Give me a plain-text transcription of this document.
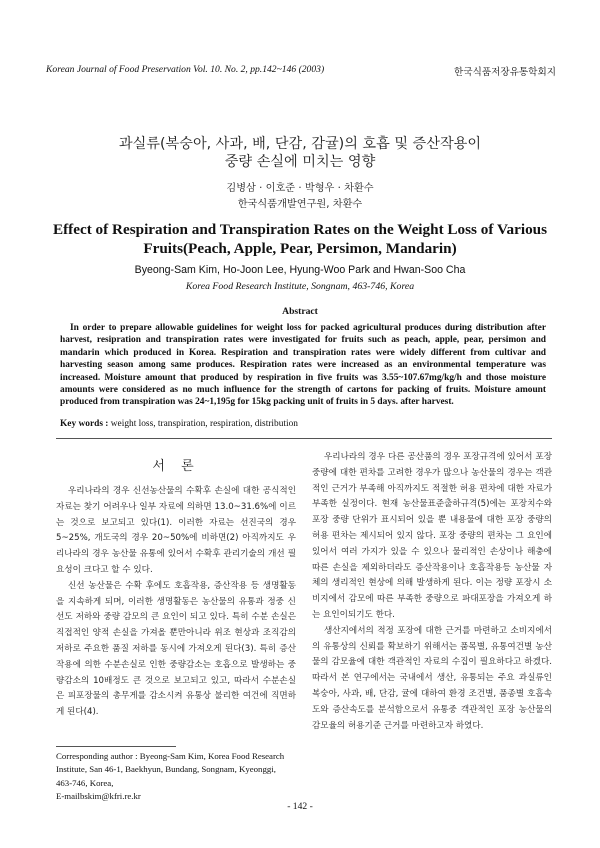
Korean Journal of Food Preservation Vol. 10. No. 2, pp.142~146 (2003)	한국식품저장유통학회지
과실류(복숭아, 사과, 배, 단감, 감귤)의 호흡 및 증산작용이
중량 손실에 미치는 영향
김병삼 · 이호준 · 박형우 · 차환수
한국식품개발연구원, 차환수
Effect of Respiration and Transpiration Rates on the Weight Loss of Various
Fruits(Peach, Apple, Pear, Persimon, Mandarin)
Byeong-Sam Kim, Ho-Joon Lee, Hyung-Woo Park and Hwan-Soo Cha
Korea Food Research Institute, Songnam, 463-746, Korea
Abstract
In order to prepare allowable guidelines for weight loss for packed agricultural produces during distribution after harvest, resipration and transpiration rates were investigated for fruits such as peach, apple, pear, persimon and mandarin which produced in Korea. Respiration and transpiration rates were widely different from cultivar and harvesting season among same produces. Respiration rates were increased as an environmental temperature was increased. Moisture amount that produced by respiration in five fruits was 3.55~107.67mg/kg/h and those moisture amounts were considered as no much influence for the strength of cartons for packing of fruits. Moisture amount produced from transpiration was 24~1,195g for 15kg packing unit of fruits in 5 days. after harvest.
Key words : weight loss, transpiration, respiration, distribution
서 론

우리나라의 경우 신선농산물의 수확후 손실에 대한 공식적인 자료는 찾기 어려우나 일부 자료에 의하면 13.0~31.6%에 이르는 것으로 보고되고 있다(1). 이러한 자료는 선진국의 경우 5~25%, 개도국의 경우 20~50%에 비하면(2) 아직까지도 우리나라의 경우 농산물 유통에 있어서 수확후 관리기술의 개선 필요성이 크다고 할 수 있다.

신선 농산물은 수확 후에도 호흡작용, 증산작용 등 생명활동을 지속하게 되며, 이러한 생명활동은 농산물의 유통과 정중 신선도 저하와 중량 감모의 큰 요인이 되고 있다. 특히 수분 손실은 직접적인 양적 손실을 가져올 뿐만아니라 위조 현상과 조직감의 저하로 주요한 품질 저하를 동시에 가져오게 된다(3). 특히 증산작용에 의한 수분손실로 인한 중량감소는 호흡으로 발생하는 중량감소의 10배정도 큰 것으로 보고되고 있고, 따라서 수분손실은 피포장물의 총무게를 감소시켜 유통상 불리한 여건에 직면하게 된다(4).

우리나라의 경우 다른 공산품의 경우 포장규격에 있어서 포장 중량에 대한 편차를 고려한 경우가 많으나 농산물의 경우는 객관적인 근거가 부족해 아직까지도 적절한 허용 편차에 대한 자료가 부족한 실정이다. 현재 농산물표준출하규격(5)에는 포장치수와 포장 중량 단위가 표시되어 있을 뿐 내용물에 대한 포장 중량의 허용 편차는 제시되어 있지 않다. 포장 중량의 편차는 그 요인에 있어서 여러 가지가 있을 수 있으나 물리적인 손상이나 해충에 따른 손실을 제외하더라도 증산작용이나 호흡작용등 농산물 자체의 생리적인 현상에 의해 발생하게 된다. 이는 정량 포장시 소비지에서 감모에 따른 부족한 중량으로 파대포장을 가져오게 하는 요인이되기도 한다.

생산지에서의 적정 포장에 대한 근거를 마련하고 소비지에서의 유통상의 신뢰를 확보하기 위해서는 품목별, 유통여건별 농산물의 감모율에 대한 객관적인 자료의 수집이 필요하다고 하겠다. 따라서 본 연구에서는 국내에서 생산, 유통되는 주요 과실류인 복숭아, 사과, 배, 단감, 귤에 대하여 환경 조건별, 품종별 호흡속도와 증산속도를 분석함으로서 유통중 객관적인 포장 농산물의 감모율의 허용기준 근거를 마련하고자 하였다.

Corresponding author : Byeong-Sam Kim, Korea Food Research
Institute, San 46-1, Baekhyun, Bundang, Songnam, Kyeonggi,
463-746, Korea,
E-mailbskim@kfri.re.kr
- 142 -
